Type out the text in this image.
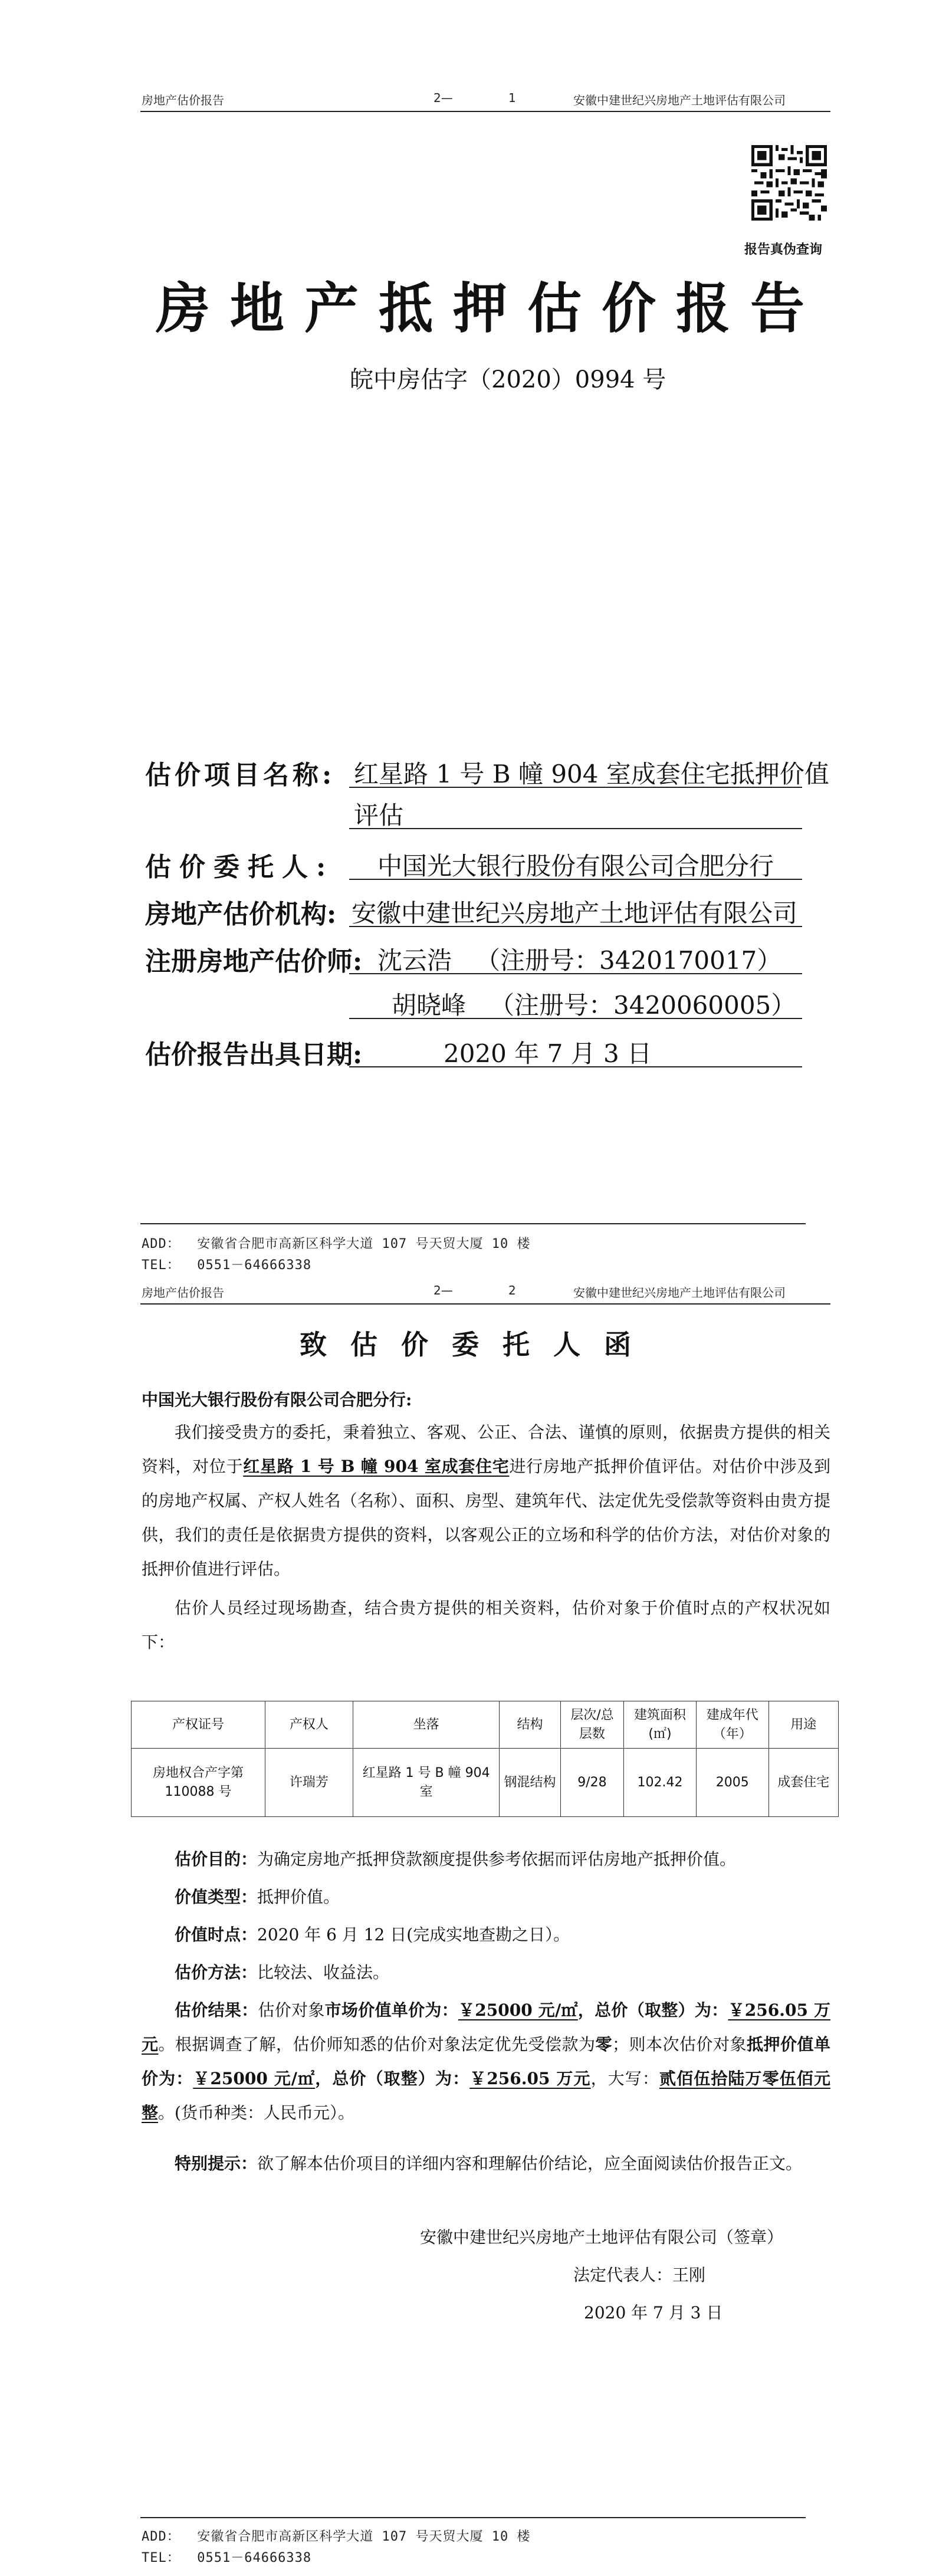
房地产估价报告	2—	1	安徽中建世纪兴房地产土地评估有限公司
报告真伪查询
房地产抵押估价报告
皖中房估字（2020）0994 号
估价项目名称: 红星路 1 号 B 幢 904 室成套住宅抵押价值
评估
估价委托人: 中国光大银行股份有限公司合肥分行
房地产估价机构: 安徽中建世纪兴房地产土地评估有限公司
注册房地产估价师: 沈云浩   （注册号：3420170017）
胡晓峰   （注册号：3420060005）
估价报告出具日期:	2020 年 7 月 3 日
ADD：  安徽省合肥市高新区科学大道 107 号天贸大厦 10 楼
TEL：  0551－64666338
房地产估价报告	2—	2	安徽中建世纪兴房地产土地评估有限公司
致估价委托人函
中国光大银行股份有限公司合肥分行:
我们接受贵方的委托，秉着独立、客观、公正、合法、谨慎的原则，依据贵方提供的相关资料，对位于红星路 1 号 B 幢 904 室成套住宅进行房地产抵押价值评估。对估价中涉及到的房地产权属、产权人姓名（名称）、面积、房型、建筑年代、法定优先受偿款等资料由贵方提供，我们的责任是依据贵方提供的资料，以客观公正的立场和科学的估价方法，对估价对象的抵押价值进行评估。
估价人员经过现场勘查，结合贵方提供的相关资料，估价对象于价值时点的产权状况如下：
产权证号	产权人	坐落	结构	层次/总层数	建筑面积(㎡)	建成年代（年）	用途
房地权合产字第110088 号	许瑞芳	红星路 1 号 B 幢 904室	钢混结构	9/28	102.42	2005	成套住宅
估价目的：为确定房地产抵押贷款额度提供参考依据而评估房地产抵押价值。
价值类型：抵押价值。
价值时点：2020 年 6 月 12 日(完成实地查勘之日）。
估价方法：比较法、收益法。
估价结果：估价对象市场价值单价为：￥25000 元/㎡，总价（取整）为：￥256.05 万元。根据调查了解，估价师知悉的估价对象法定优先受偿款为零；则本次估价对象抵押价值单价为：￥25000 元/㎡，总价（取整）为：￥256.05 万元，大写：贰佰伍拾陆万零伍佰元整。(货币种类：人民币元）。
特别提示：欲了解本估价项目的详细内容和理解估价结论，应全面阅读估价报告正文。
安徽中建世纪兴房地产土地评估有限公司（签章）
法定代表人：王刚
2020 年 7 月 3 日
ADD：  安徽省合肥市高新区科学大道 107 号天贸大厦 10 楼
TEL：  0551－64666338
